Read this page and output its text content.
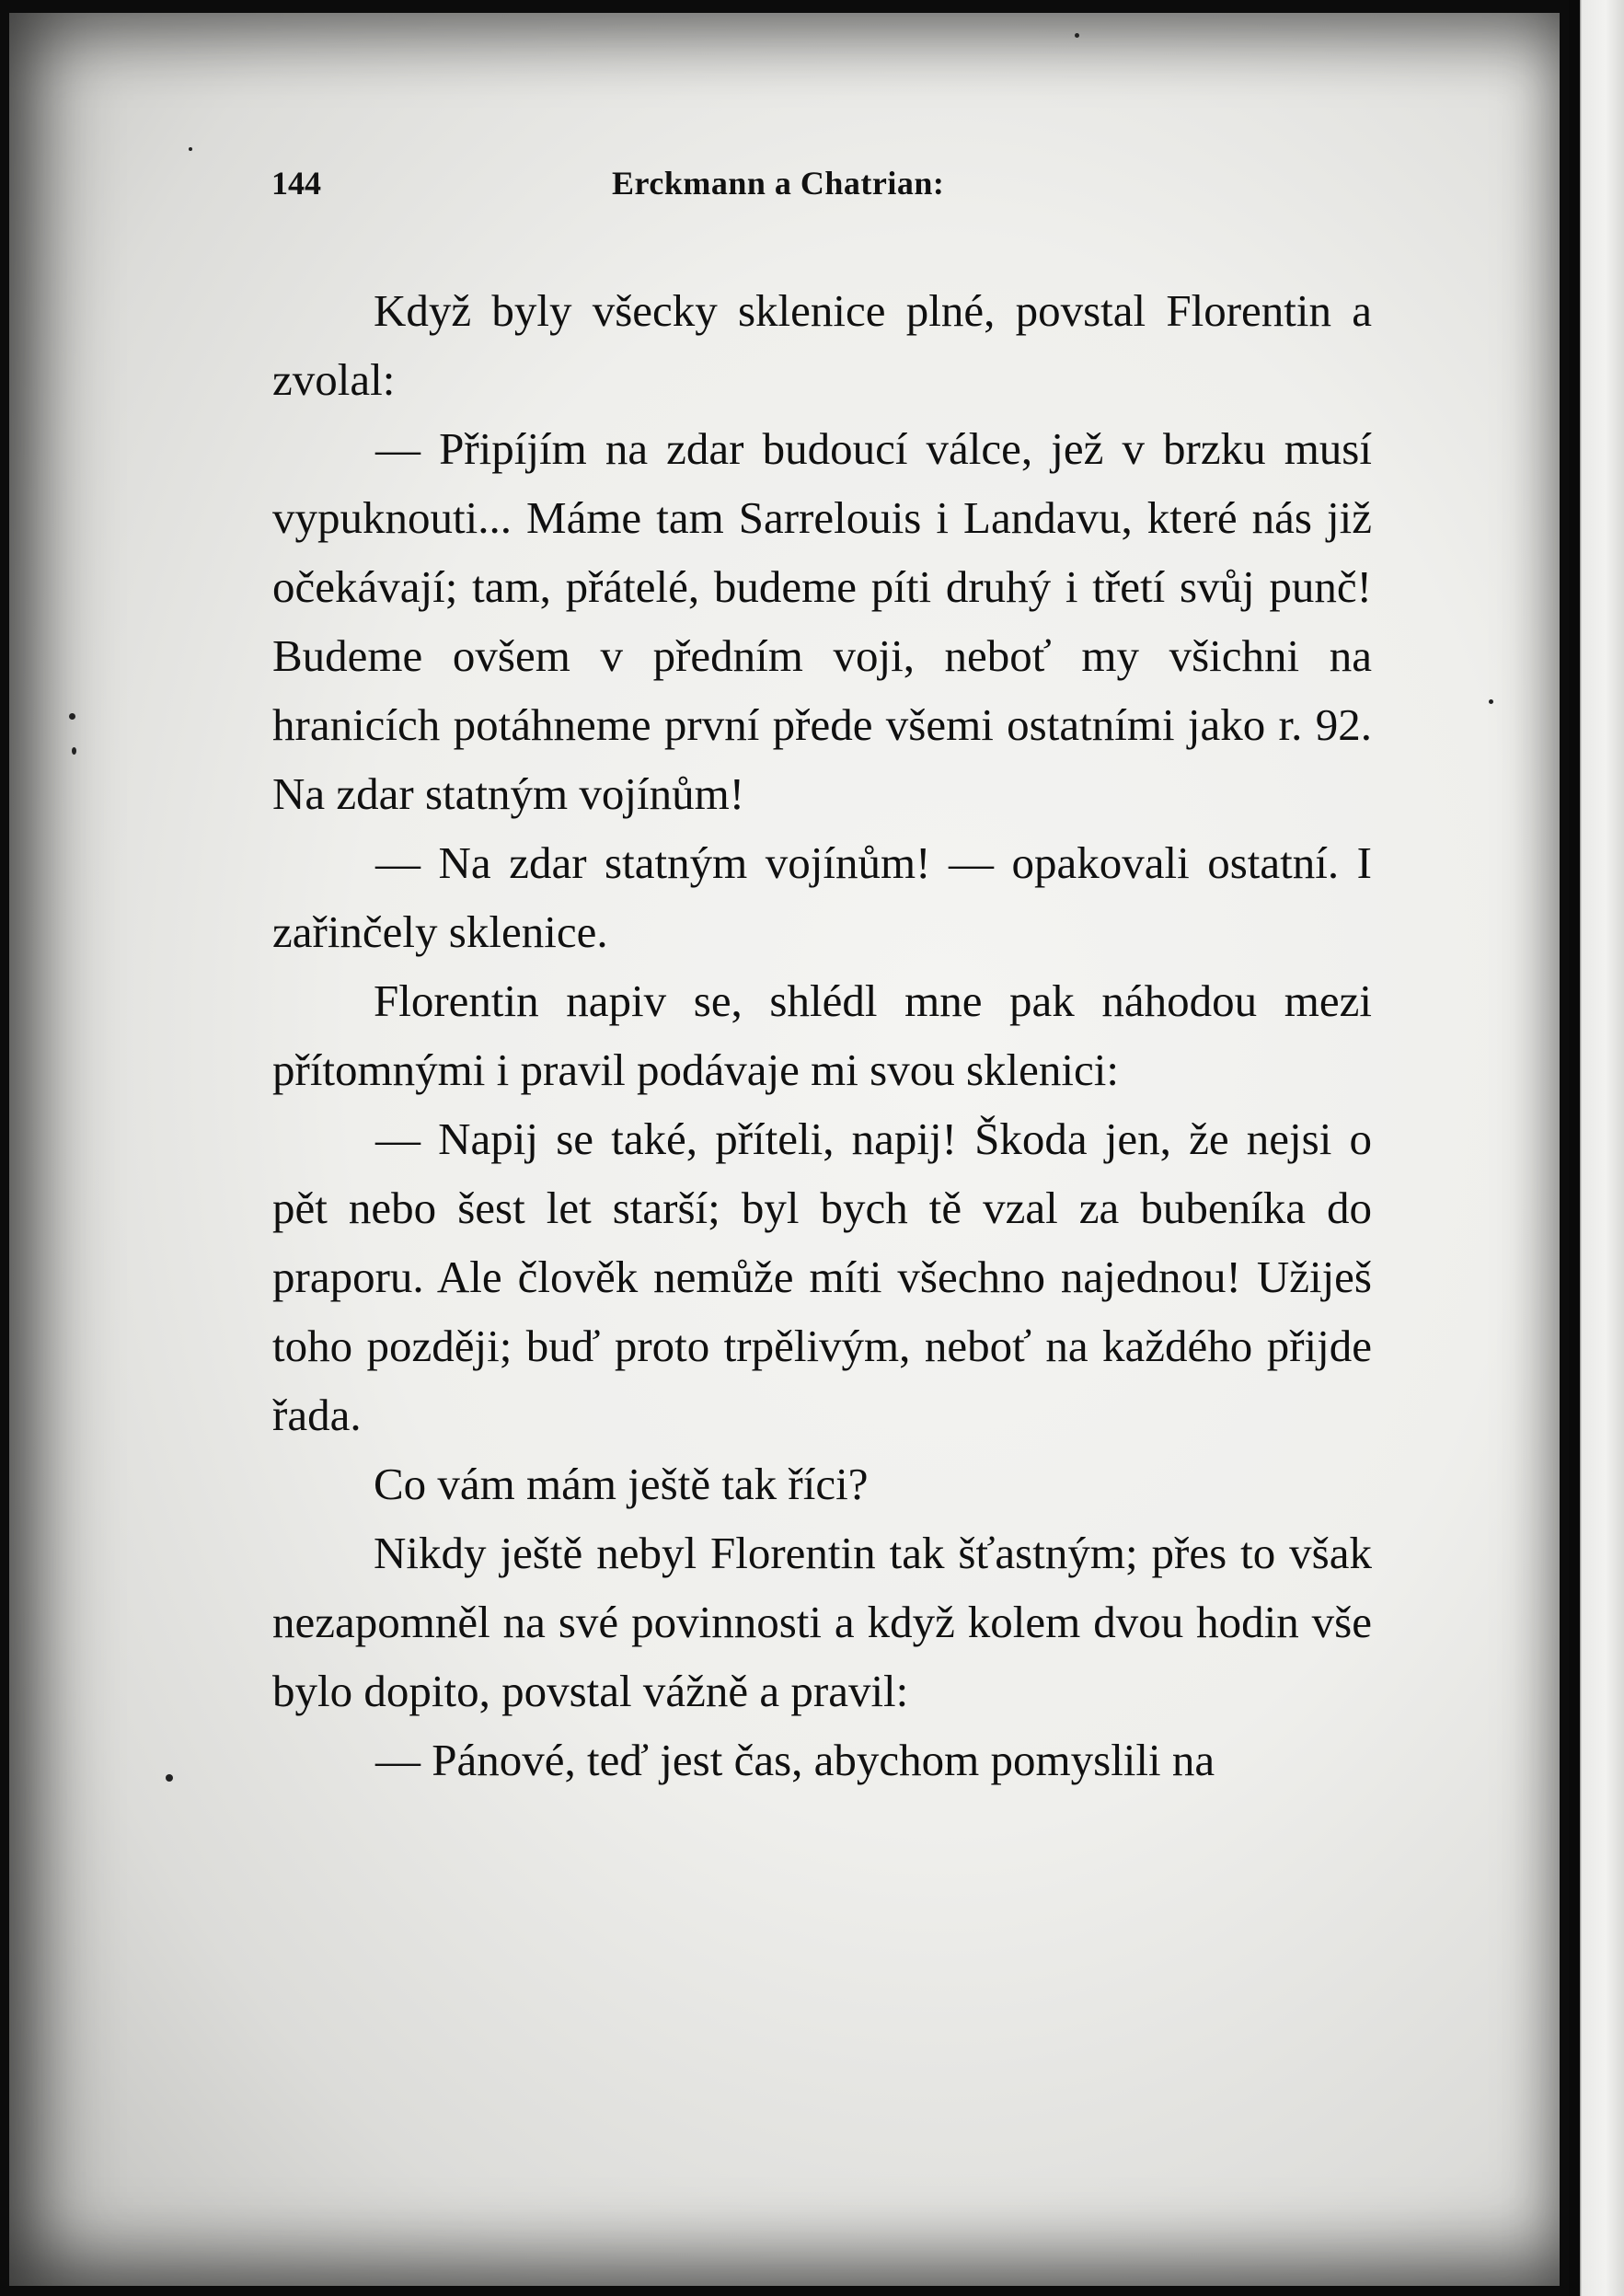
144	Erckmann a Chatrian:

Když byly všecky sklenice plné, povstal Florentin a zvolal:

— Připíjím na zdar budoucí válce, jež v brzku musí vypuknouti... Máme tam Sarrelouis i Landavu, které nás již očekávají; tam, přátelé, budeme píti druhý i třetí svůj punč! Budeme ovšem v předním voji, neboť my všichni na hranicích potáhneme první přede všemi ostatními jako r. 92. Na zdar statným vojínům!

— Na zdar statným vojínům! — opakovali ostatní. I zařinčely sklenice.

Florentin napiv se, shlédl mne pak náhodou mezi přítomnými i pravil podávaje mi svou sklenici:

— Napij se také, příteli, napij! Škoda jen, že nejsi o pět nebo šest let starší; byl bych tě vzal za bubeníka do praporu. Ale člověk nemůže míti všechno najednou! Užiješ toho později; buď proto trpělivým, neboť na každého přijde řada.

Co vám mám ještě tak říci?

Nikdy ještě nebyl Florentin tak šťastným; přes to však nezapomněl na své povinnosti a když kolem dvou hodin vše bylo dopito, povstal vážně a pravil:

— Pánové, teď jest čas, abychom pomyslili na
